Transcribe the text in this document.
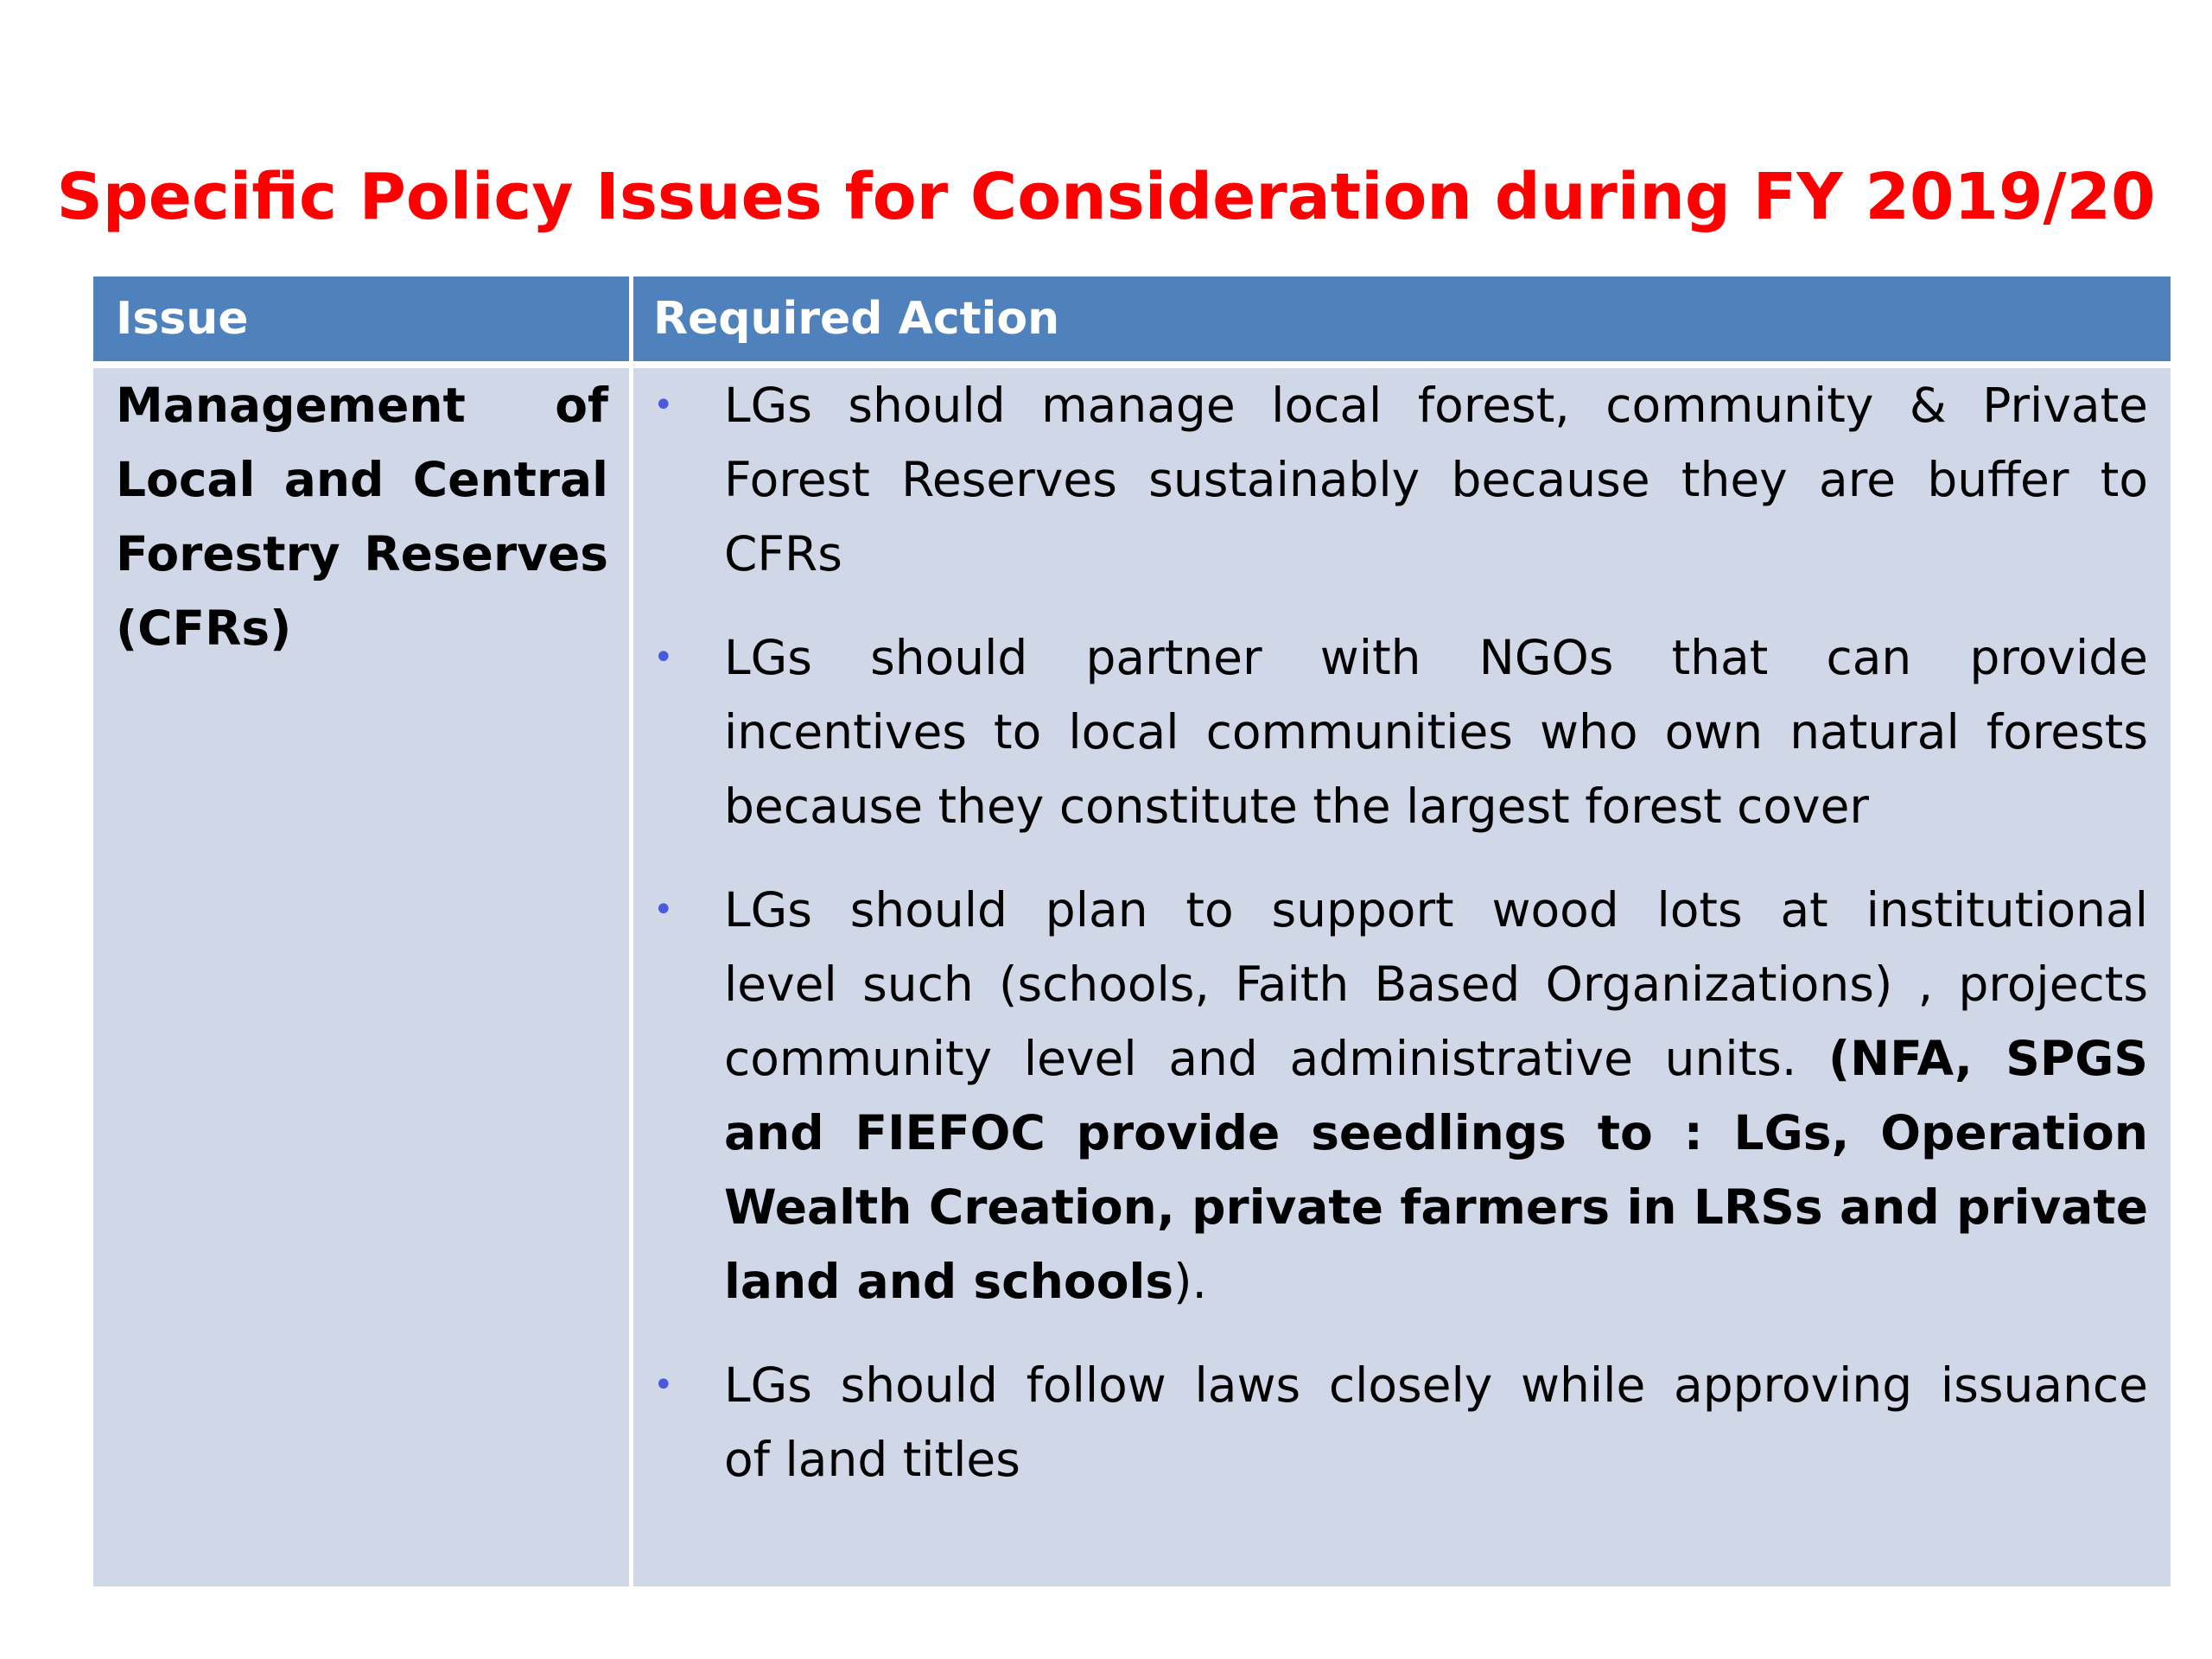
Specific Policy Issues for Consideration during FY 2019/20
Issue	Required Action
Management of
Local and Central
Forestry Reserves
(CFRs)
• LGs should manage local forest, community & Private
Forest Reserves sustainably because they are buffer to
CFRs
• LGs should partner with NGOs that can provide
incentives to local communities who own natural forests
because they constitute the largest forest cover
• LGs should plan to support wood lots at institutional
level such (schools, Faith Based Organizations) , projects
community level and administrative units. (NFA, SPGS
and FIEFOC provide seedlings to : LGs, Operation
Wealth Creation, private farmers in LRSs and private
land and schools).
• LGs should follow laws closely while approving issuance
of land titles
